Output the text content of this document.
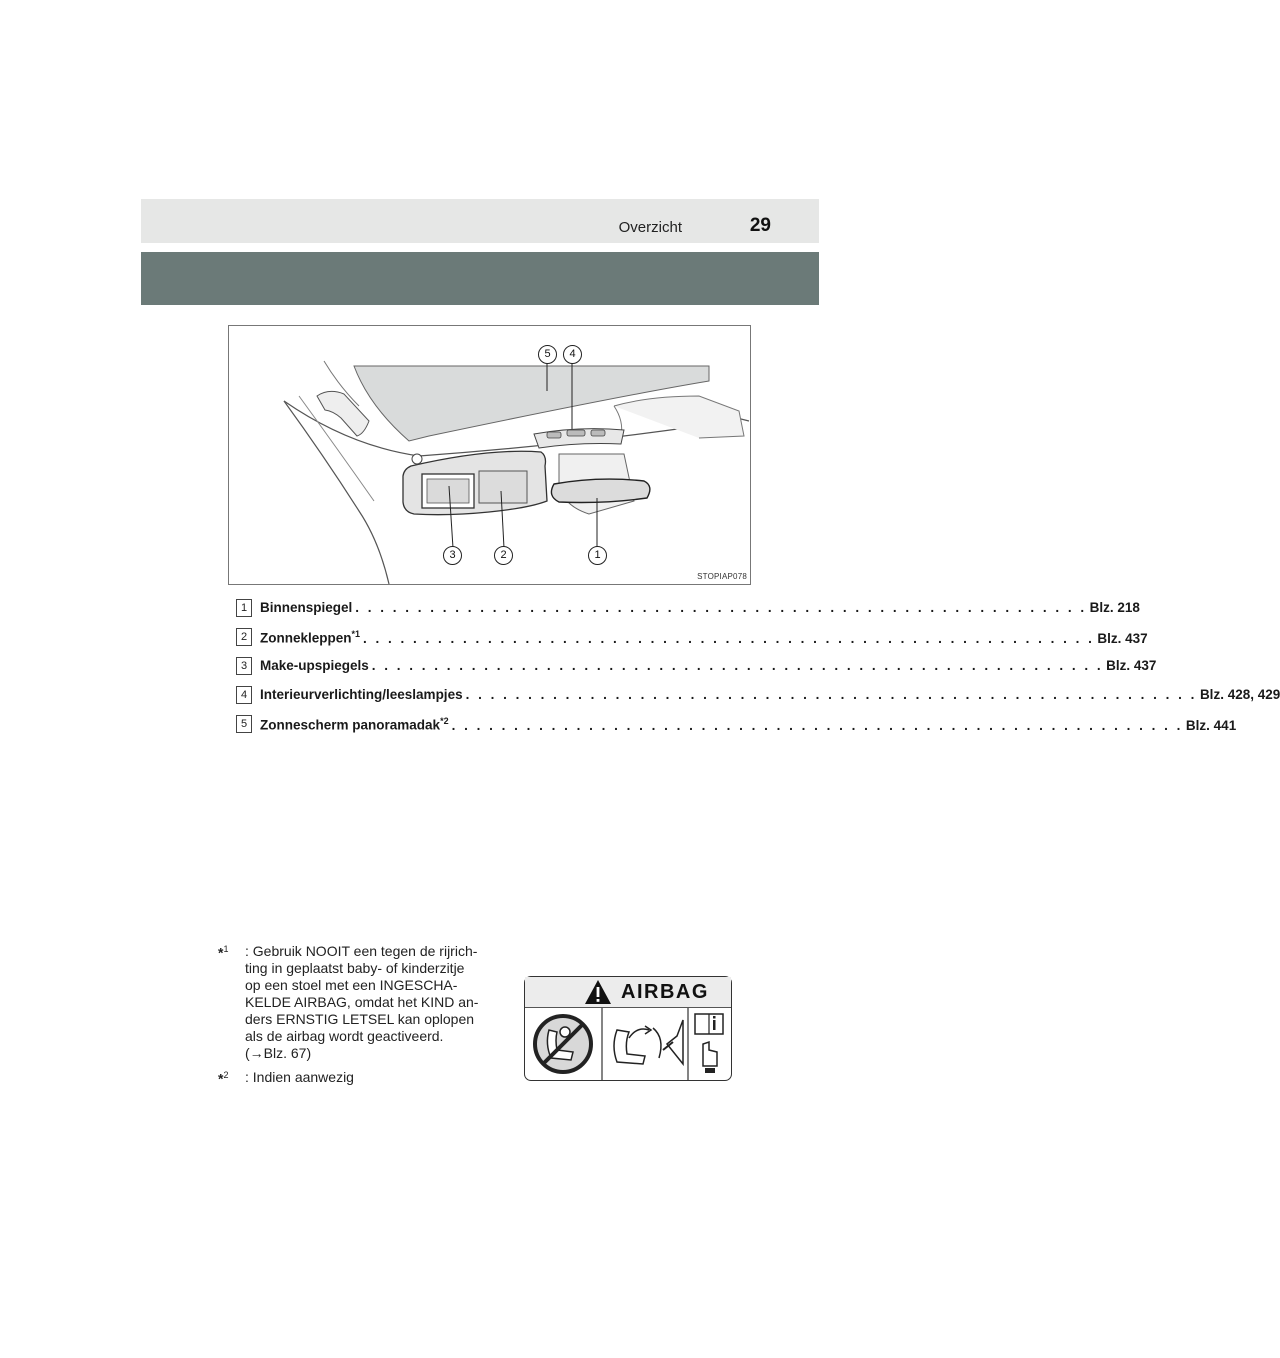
Overzicht	29
5	4
3	2	1
STOPIAP078
1 Binnenspiegel . . . . . . . . . . . . . . . . . . . . . . . . . . . . . . . . . . . . . . . . . . . . . . . . . . . . . . . . . . . Blz. 218
2 Zonnekleppen$^{*1}$ . . . . . . . . . . . . . . . . . . . . . . . . . . . . . . . . . . . . . . . . . . . . . . . . . . . . . . . . . . . Blz. 437
3 Make-upspiegels . . . . . . . . . . . . . . . . . . . . . . . . . . . . . . . . . . . . . . . . . . . . . . . . . . . . . . . . . . . Blz. 437
4 Interieurverlichting/leeslampjes . . . . . . . . . . . . . . . . . . . . . . . . . . . . . . . . . . . . . . . . . . . . . . . . . . . . . . . . . . . Blz. 428, 429
5 Zonnescherm panoramadak$^{*2}$ . . . . . . . . . . . . . . . . . . . . . . . . . . . . . . . . . . . . . . . . . . . . . . . . . . . . . . . . . . . Blz. 441
*$^1$ : Gebruik NOOIT een tegen de rijrich-
ting in geplaatst baby- of kinderzitje
op een stoel met een INGESCHA-
KELDE AIRBAG, omdat het KIND an-
ders ERNSTIG LETSEL kan oplopen
als de airbag wordt geactiveerd.
(→Blz. 67)
*$^2$ : Indien aanwezig
AIRBAG
